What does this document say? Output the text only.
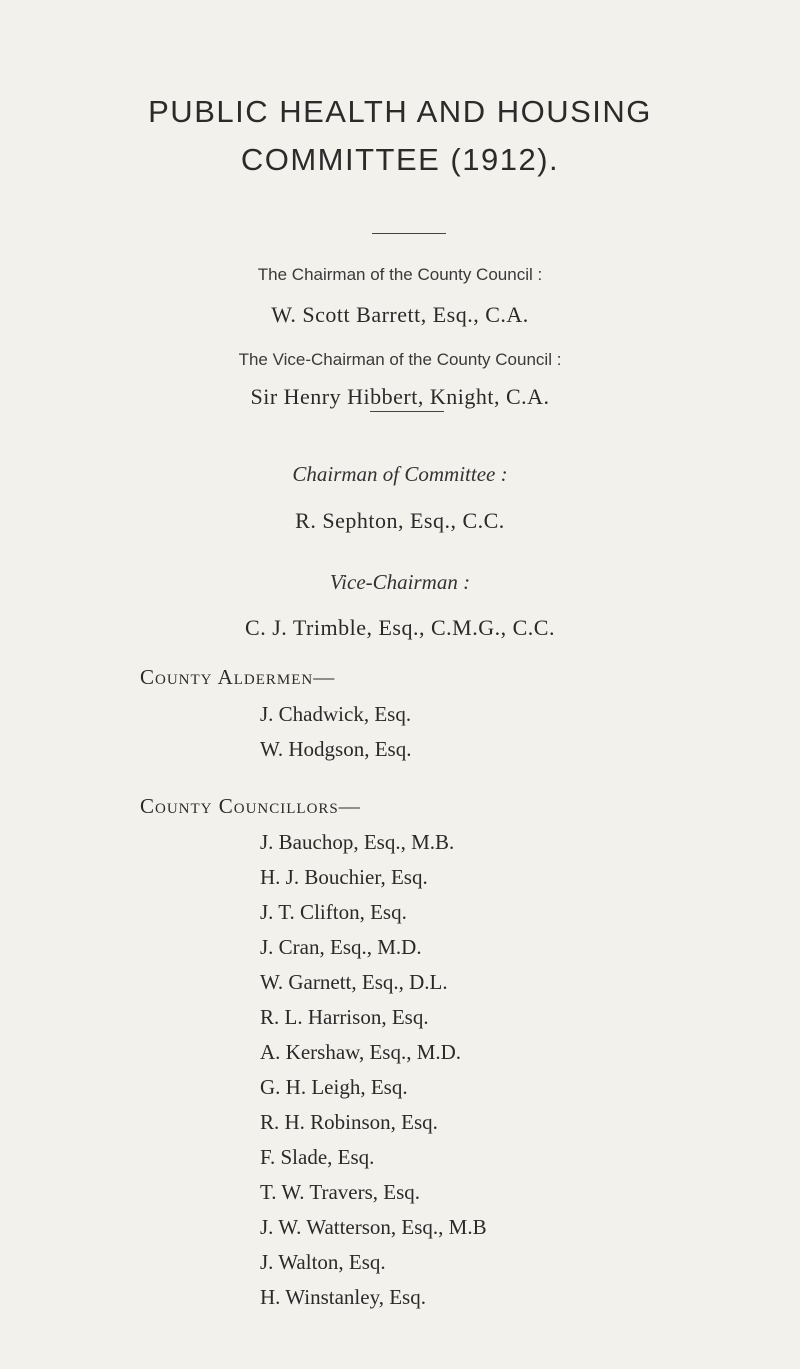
PUBLIC HEALTH AND HOUSING
COMMITTEE (1912).
The Chairman of the County Council :
W. Scott Barrett, Esq., C.A.
The Vice-Chairman of the County Council :
Sir Henry Hibbert, Knight, C.A.
Chairman of Committee :
R. Sephton, Esq., C.C.
Vice-Chairman :
C. J. Trimble, Esq., C.M.G., C.C.
County Aldermen—
J. Chadwick, Esq.
W. Hodgson, Esq.
County Councillors—
J. Bauchop, Esq., M.B.
H. J. Bouchier, Esq.
J. T. Clifton, Esq.
J. Cran, Esq., M.D.
W. Garnett, Esq., D.L.
R. L. Harrison, Esq.
A. Kershaw, Esq., M.D.
G. H. Leigh, Esq.
R. H. Robinson, Esq.
F. Slade, Esq.
T. W. Travers, Esq.
J. W. Watterson, Esq., M.B
J. Walton, Esq.
H. Winstanley, Esq.
